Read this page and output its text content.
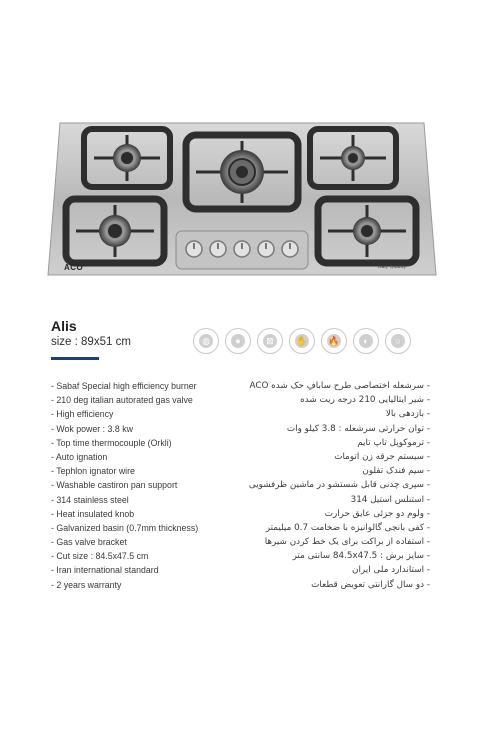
ACO	Italy Quality
Alis
size : 89x51 cm	◍	●	⊠	✋ 🔥	◐	○
- Sabaf Special high efficiency burner
- 210 deg italian autorated gas valve
- High efficiency
- Wok power : 3.8 kw
- Top time thermocouple (Orkli)
- Auto ignation
- Tephlon ignator wire
- Washable castiron pan support
- 314 stainless steel
- Heat insulated knob
- Galvanized basin (0.7mm thickness)
- Gas valve bracket
- Cut size : 84.5x47.5 cm
- Iran international standard
- 2 years warranty
- سرشعله اختصاصی طرح سابافِ حک شده ACO
- شیر ایتالیایی 210 درجه ریت شده
- بازدهی بالا
- توان حرارتی سرشعله : 3.8 کیلو وات
- ترموکوپل تاپ تایم
- سیستم جرقه زن اتومات
- سیم فندک تفلون
- سپری چدنی قابل شستشو در ماشین ظرفشویی
- استنلس استیل 314
- ولوم دو جزئی عایق حرارت
- کفی بانجی گالوانیزه با ضخامت 0.7 میلیمتر
- استفاده از براکت برای یک خط کردن شیرها
- سایز برش : 84.5x47.5 سانتی متر
- استاندارد ملی ایران
- دو سال گارانتی تعویض قطعات
